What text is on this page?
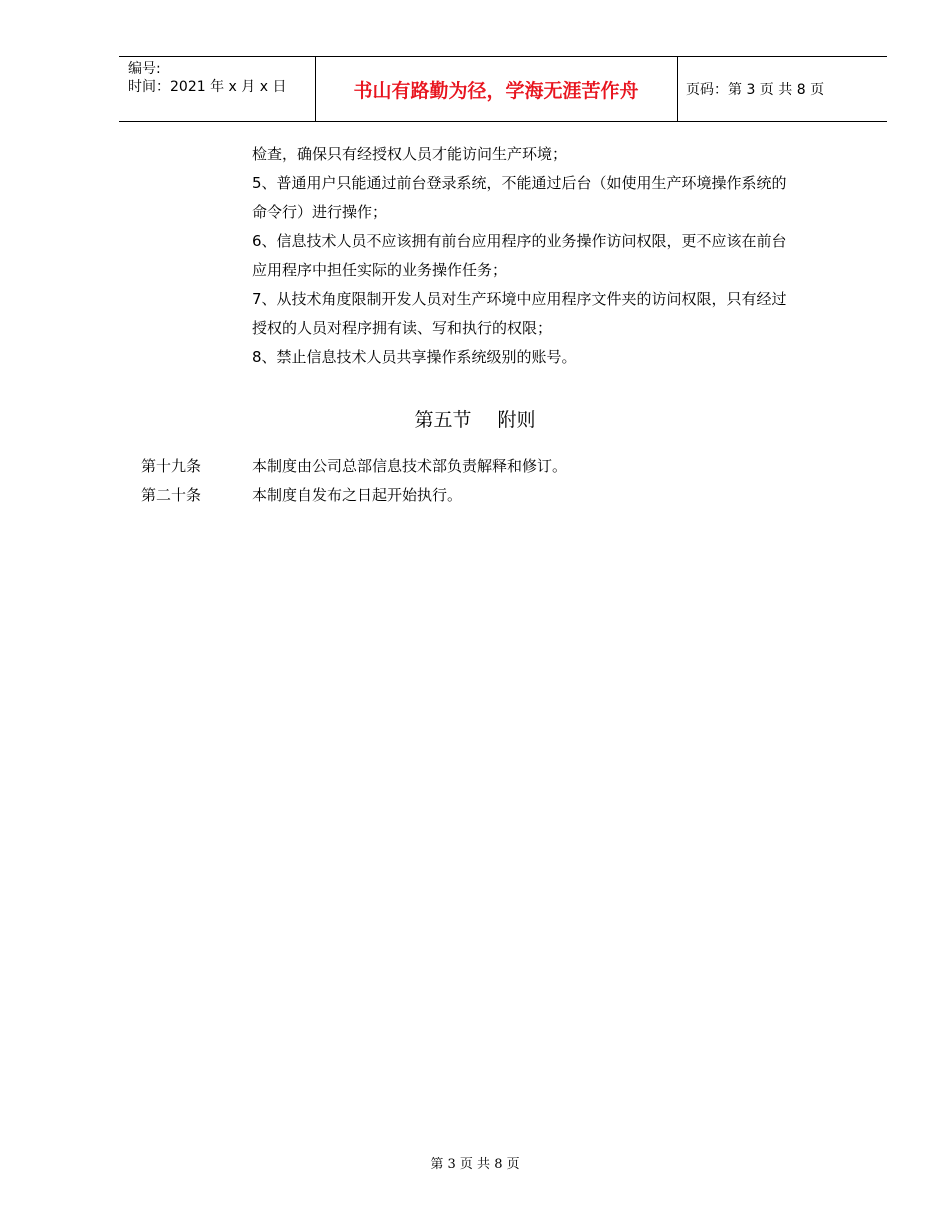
编号:
时间：2021 年 x 月 x 日	书山有路勤为径，学海无涯苦作舟	页码：第 3 页 共 8 页
检查，确保只有经授权人员才能访问生产环境；
5、普通用户只能通过前台登录系统，不能通过后台（如使用生产环境操作系统的
命令行）进行操作；
6、信息技术人员不应该拥有前台应用程序的业务操作访问权限，更不应该在前台
应用程序中担任实际的业务操作任务；
7、从技术角度限制开发人员对生产环境中应用程序文件夹的访问权限，只有经过
授权的人员对程序拥有读、写和执行的权限；
8、禁止信息技术人员共享操作系统级别的账号。
第五节 附则
第十九条	本制度由公司总部信息技术部负责解释和修订。
第二十条	本制度自发布之日起开始执行。
第 3 页 共 8 页
